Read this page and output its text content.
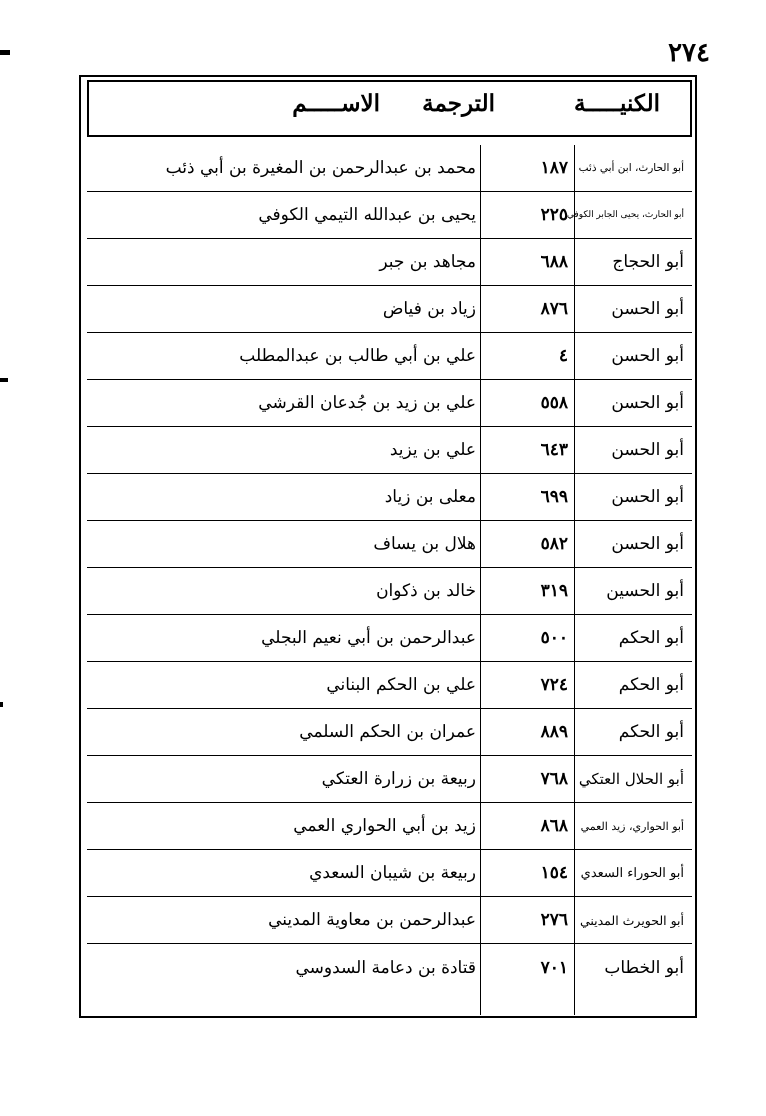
٢٧٤
الكنيـــــة
الترجمة
الاســـــم
أبو الحارث، ابن أبي ذئب
١٨٧
محمد بن عبدالرحمن بن المغيرة بن أبي ذئب
أبو الحارث، يحيى الجابر الكوفي
٢٢٥
يحيى بن عبدالله التيمي الكوفي
أبو الحجاج
٦٨٨
مجاهد بن جبر
أبو الحسن
٨٧٦
زياد بن فياض
أبو الحسن
٤
علي بن أبي طالب بن عبدالمطلب
أبو الحسن
٥٥٨
علي بن زيد بن جُدعان القرشي
أبو الحسن
٦٤٣
علي بن يزيد
أبو الحسن
٦٩٩
معلى بن زياد
أبو الحسن
٥٨٢
هلال بن يساف
أبو الحسين
٣١٩
خالد بن ذكوان
أبو الحكم
٥٠٠
عبدالرحمن بن أبي نعيم البجلي
أبو الحكم
٧٢٤
علي بن الحكم البناني
أبو الحكم
٨٨٩
عمران بن الحكم السلمي
أبو الحلال العتكي
٧٦٨
ربيعة بن زرارة العتكي
أبو الحواري، زيد العمي
٨٦٨
زيد بن أبي الحواري العمي
أبو الحوراء السعدي
١٥٤
ربيعة بن شيبان السعدي
أبو الحويرث المديني
٢٧٦
عبدالرحمن بن معاوية المديني
أبو الخطاب
٧٠١
قتادة بن دعامة السدوسي
